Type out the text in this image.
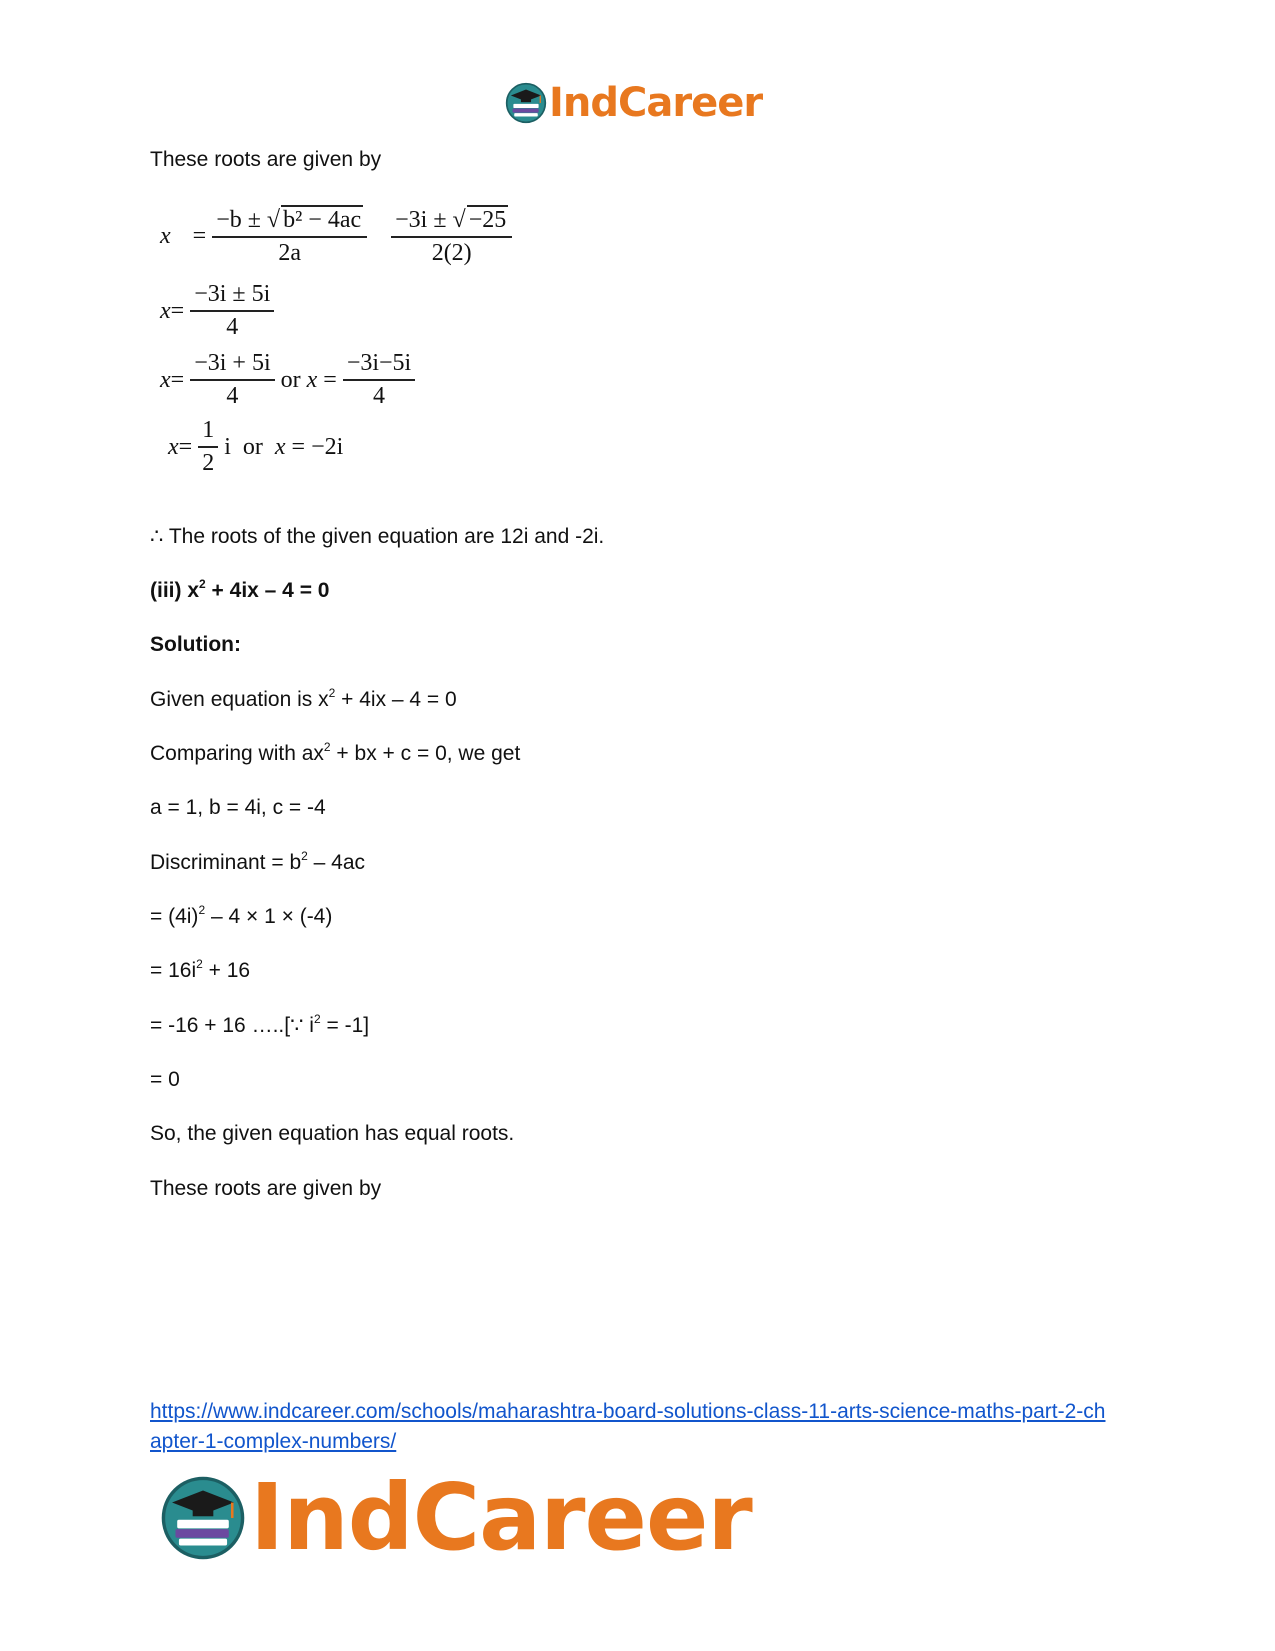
IndCareer
These roots are given by
$x = \frac{\text{−b ± √ b² − 4ac}}{2a} \frac{-3i \pm √ -25}{2(2)}$
$x = \frac{-3i \pm 5i}{4}$
$x = \frac{-3i + 5i}{4}$ or
x
= $\frac{-3i-5i}{4}$
$x = \frac{1}{2}$ i or x
= −2i
∴ The roots of the given equation are 12i and -2i.
(iii) $x^2 + 4ix - 4 = 0$
Solution:
Given equation is $x^2 + 4ix - 4 = 0$
Comparing with $ax^2$ + bx + c = 0, we get
a = 1, b = 4i, c = -4
Discriminant = $b^2 - 4ac$
= $(4i)^2 - 4 \times 1 \times (-4)$
= $16i^2 + 16$
= -16 + 16 …..[∵ $i^2 = -1$]
= 0
So, the given equation has equal roots.
These roots are given by
https://www.indcareer.com/schools/maharashtra-board-solutions-class-11-arts-science-maths-part-2-chapter-1-complex-numbers/
IndCareer
